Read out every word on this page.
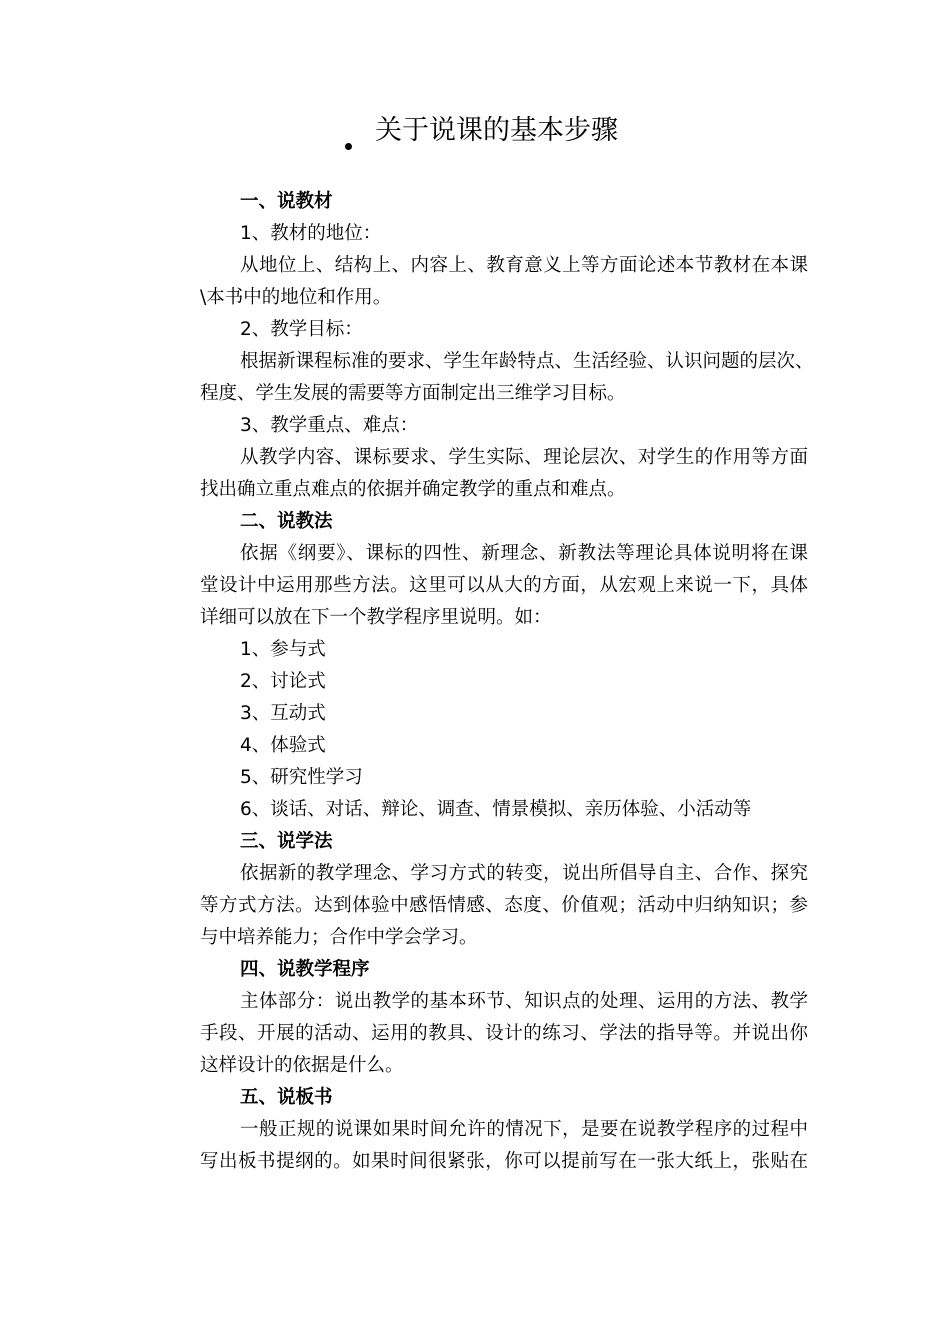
关于说课的基本步骤
一、说教材
1、教材的地位：
从地位上、结构上、内容上、教育意义上等方面论述本节教材在本课
\本书中的地位和作用。
2、教学目标：
根据新课程标准的要求、学生年龄特点、生活经验、认识问题的层次、
程度、学生发展的需要等方面制定出三维学习目标。
3、教学重点、难点：
从教学内容、课标要求、学生实际、理论层次、对学生的作用等方面
找出确立重点难点的依据并确定教学的重点和难点。
二、说教法
依据《纲要》、课标的四性、新理念、新教法等理论具体说明将在课
堂设计中运用那些方法。这里可以从大的方面，从宏观上来说一下，具体
详细可以放在下一个教学程序里说明。如：
1、参与式
2、讨论式
3、互动式
4、体验式
5、研究性学习
6、谈话、对话、辩论、调查、情景模拟、亲历体验、小活动等
三、说学法
依据新的教学理念、学习方式的转变，说出所倡导自主、合作、探究
等方式方法。达到体验中感悟情感、态度、价值观；活动中归纳知识；参
与中培养能力；合作中学会学习。
四、说教学程序
主体部分：说出教学的基本环节、知识点的处理、运用的方法、教学
手段、开展的活动、运用的教具、设计的练习、学法的指导等。并说出你
这样设计的依据是什么。
五、说板书
一般正规的说课如果时间允许的情况下，是要在说教学程序的过程中
写出板书提纲的。如果时间很紧张，你可以提前写在一张大纸上，张贴在
